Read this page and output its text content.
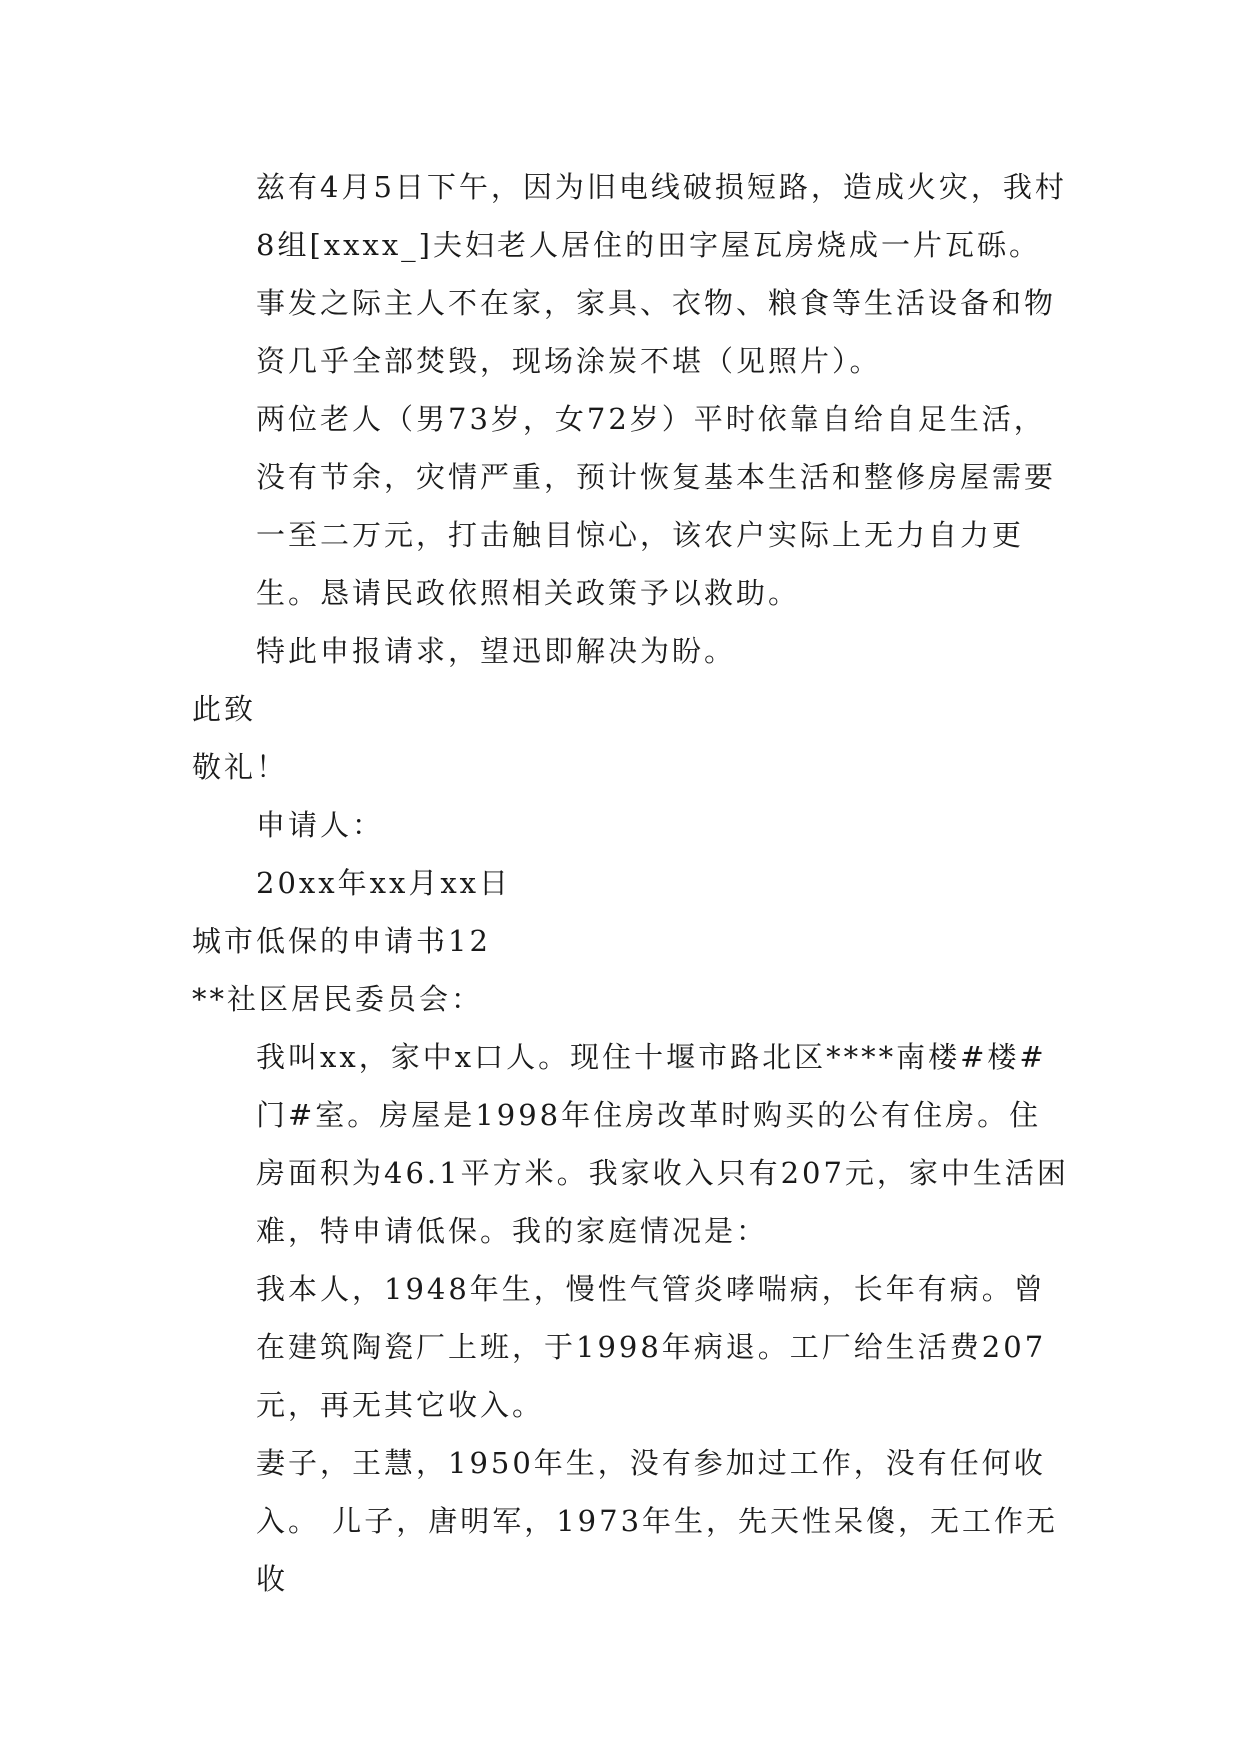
兹有4月5日下午，因为旧电线破损短路，造成火灾，我村8组[xxxx_]夫妇老人居住的田字屋瓦房烧成一片瓦砾。事发之际主人不在家，家具、衣物、粮食等生活设备和物资几乎全部焚毁，现场涂炭不堪（见照片）。

两位老人（男73岁，女72岁）平时依靠自给自足生活，没有节余，灾情严重，预计恢复基本生活和整修房屋需要一至二万元，打击触目惊心，该农户实际上无力自力更生。恳请民政依照相关政策予以救助。

特此申报请求，望迅即解决为盼。

此致

敬礼！

申请人：

20xx年xx月xx日

城市低保的申请书12

**社区居民委员会：

我叫xx，家中x口人。现住十堰市路北区****南楼#楼#门#室。房屋是1998年住房改革时购买的公有住房。住房面积为46.1平方米。我家收入只有207元，家中生活困难，特申请低保。我的家庭情况是：

我本人，1948年生，慢性气管炎哮喘病，长年有病。曾在建筑陶瓷厂上班，于1998年病退。工厂给生活费207元，再无其它收入。

妻子，王慧，1950年生，没有参加过工作，没有任何收入。 儿子，唐明军，1973年生，先天性呆傻，无工作无收
